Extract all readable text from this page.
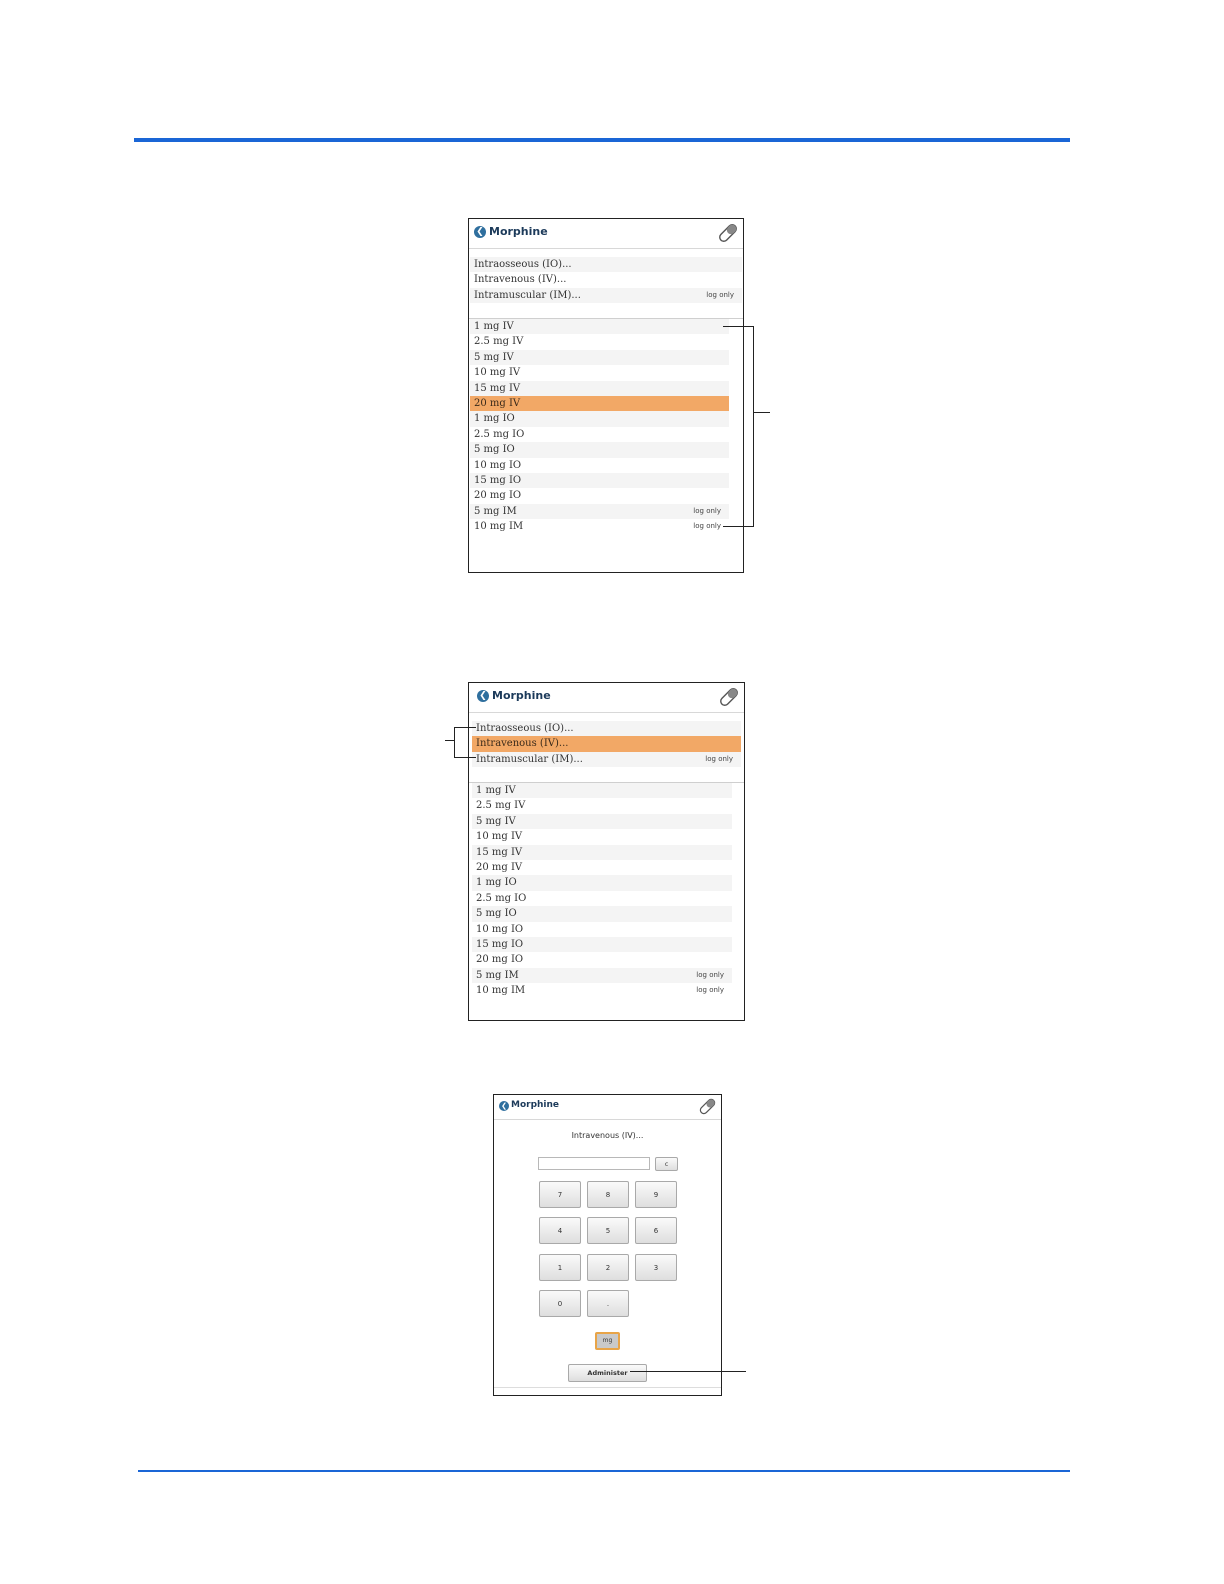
❮ Morphine
Intraosseous (IO)...
Intravenous (IV)...
Intramuscular (IM)...	log only
1 mg IV
2.5 mg IV
5 mg IV
10 mg IV
15 mg IV
20 mg IV
1 mg IO
2.5 mg IO
5 mg IO
10 mg IO
15 mg IO
20 mg IO
5 mg IM	log only
10 mg IM	log only
❮ Morphine
Intraosseous (IO)...
Intravenous (IV)...
Intramuscular (IM)...	log only
1 mg IV
2.5 mg IV
5 mg IV
10 mg IV
15 mg IV
20 mg IV
1 mg IO
2.5 mg IO
5 mg IO
10 mg IO
15 mg IO
20 mg IO
5 mg IM	log only
10 mg IM	log only
❮ Morphine
Intravenous (IV)...
c
7	8	9
4	5	6
1	2	3
0	.
mg
Administer
